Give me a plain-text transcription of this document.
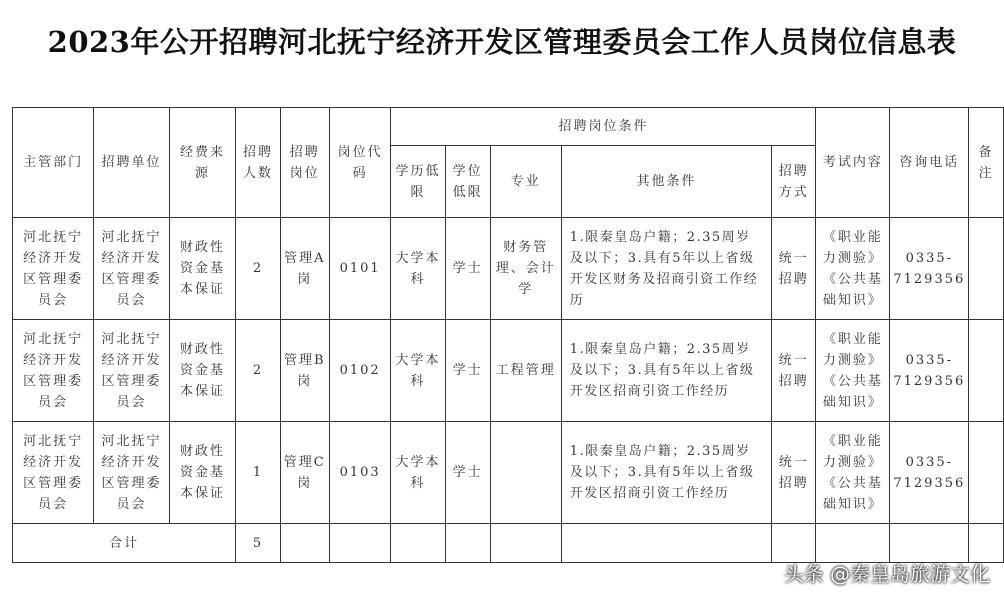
2023年公开招聘河北抚宁经济开发区管理委员会工作人员岗位信息表
主管部门	招聘单位	经费来源	招聘人数	招聘岗位	岗位代码	招聘岗位条件					考试内容	咨询电话	备注
						学历低限	学位低限	专业	其他条件	招聘方式			
河北抚宁经济开发区管理委员会	河北抚宁经济开发区管理委员会	财政性资金基本保证	2	管理A岗	0101	大学本科	学士	财务管理、会计学	1.限秦皇岛户籍；2.35周岁及以下；3.具有5年以上省级开发区财务及招商引资工作经历	统一招聘	《职业能力测验》《公共基础知识》	0335-7129356	
河北抚宁经济开发区管理委员会	河北抚宁经济开发区管理委员会	财政性资金基本保证	2	管理B岗	0102	大学本科	学士	工程管理	1.限秦皇岛户籍；2.35周岁及以下；3.具有5年以上省级开发区招商引资工作经历	统一招聘	《职业能力测验》《公共基础知识》	0335-7129356	
河北抚宁经济开发区管理委员会	河北抚宁经济开发区管理委员会	财政性资金基本保证	1	管理C岗	0103	大学本科	学士		1.限秦皇岛户籍；2.35周岁及以下；3.具有5年以上省级开发区招商引资工作经历	统一招聘	《职业能力测验》《公共基础知识》	0335-7129356	
合计			5										
头条 @秦皇岛旅游文化
